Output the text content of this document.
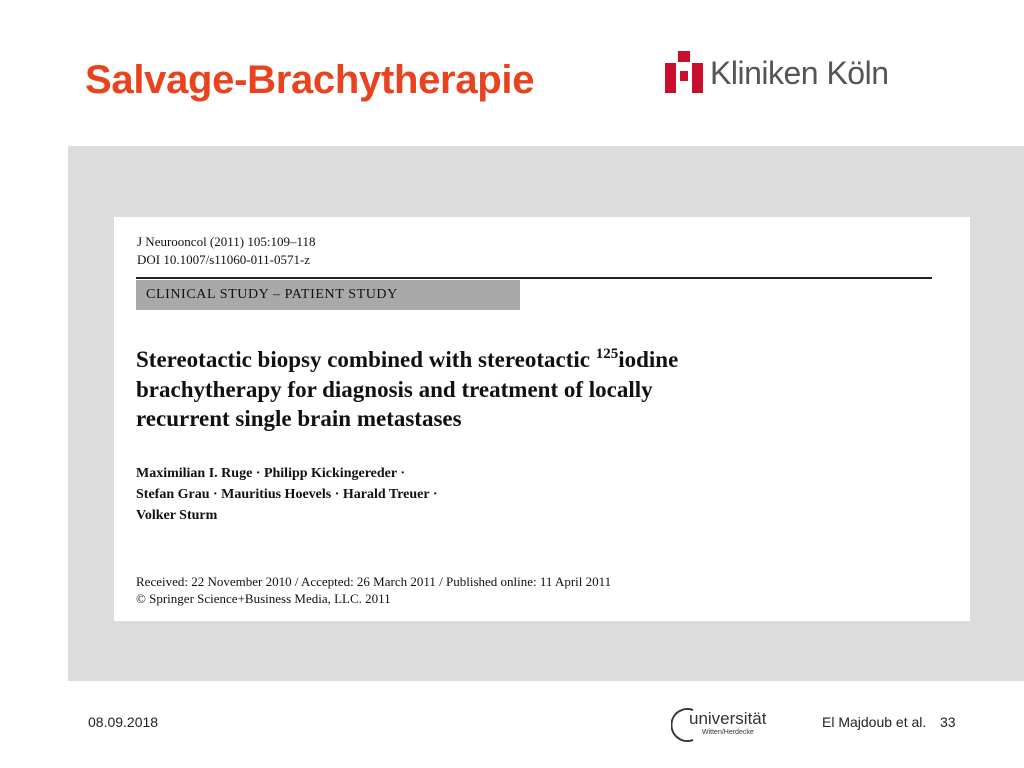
Salvage-Brachytherapie	Kliniken Köln
J Neurooncol (2011) 105:109–118
DOI 10.1007/s11060-011-0571-z
CLINICAL STUDY – PATIENT STUDY
Stereotactic biopsy combined with stereotactic $^{125}$iodine
brachytherapy for diagnosis and treatment of locally
recurrent single brain metastases
Maximilian I. Ruge · Philipp Kickingereder ·
Stefan Grau · Mauritius Hoevels · Harald Treuer ·
Volker Sturm
Received: 22 November 2010 / Accepted: 26 March 2011 / Published online: 11 April 2011
© Springer Science+Business Media, LLC. 2011
08.09.2018	universität
Witten/Herdecke
El Majdoub et al. 33
